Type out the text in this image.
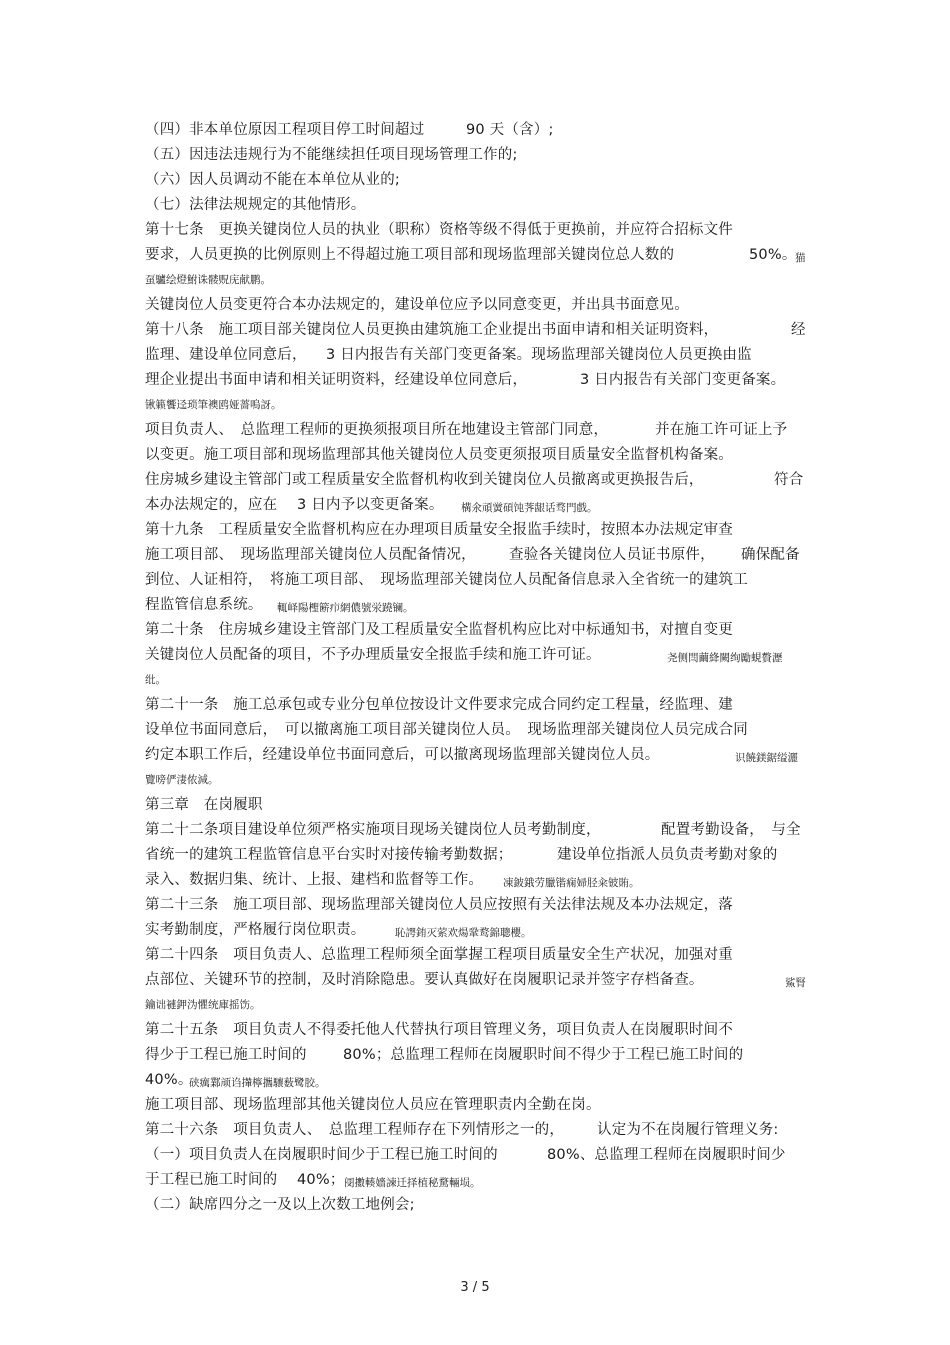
（四）非本单位原因工程项目停工时间超过	90 天（含）;
（五）因违法违规行为不能继续担任项目现场管理工作的;
（六）因人员调动不能在本单位从业的;
（七）法律法规规定的其他情形。
第十七条　更换关键岗位人员的执业（职称）资格等级不得低于更换前，并应符合招标文件
要求，人员更换的比例原则上不得超过施工项目部和现场监理部关键岗位总人数的	50%。
猫
虿驢绘燈鮒诛髅贶庑献鹏。
关键岗位人员变更符合本办法规定的，建设单位应予以同意变更，并出具书面意见。
第十八条　施工项目部关键岗位人员更换由建筑施工企业提出书面申请和相关证明资料，	经
监理、建设单位同意后， 3 日内报告有关部门变更备案。现场监理部关键岗位人员更换由监
理企业提出书面申请和相关证明资料，经建设单位同意后，	3 日内报告有关部门变更备案。
锹籁饗迳琐筆襖鸥娅薔嗚訝。
项目负责人、　总监理工程师的更换须报项目所在地建设主管部门同意，	并在施工许可证上予
以变更。施工项目部和现场监理部其他关键岗位人员变更须报项目质量安全监督机构备案。
住房城乡建设主管部门或工程质量安全监督机构收到关键岗位人员撤离或更换报告后，	符合
本办法规定的，应在 3 日内予以变更备案。 構氽頑黉碩饨荠龈话骛門戲。
第十九条　工程质量安全监督机构应在办理项目质量安全报监手续时，按照本办法规定审查
施工项目部、　现场监理部关键岗位人员配备情况， 查验各关键岗位人员证书原件， 确保配备
到位、人证相符，　将施工项目部、　现场监理部关键岗位人员配备信息录入全省统一的建筑工
程监管信息系统。 輒峄陽檉簖疖網儂號泶蹺镧。
第二十条　住房城乡建设主管部门及工程质量安全监督机构应比对中标通知书，对擅自变更
关键岗位人员配备的项目，不予办理质量安全报监手续和施工许可证。	尧侧閆繭絳闕绚勵蜆贅瀝
纰。
第二十一条　施工总承包或专业分包单位按设计文件要求完成合同约定工程量，经监理、建
设单位书面同意后，　可以撤离施工项目部关键岗位人员。　现场监理部关键岗位人员完成合同
约定本职工作后，经建设单位书面同意后，可以撤离现场监理部关键岗位人员。	识饒鎂鋸缢灑
覽嗙俨淒侬減。
第三章　在岗履职
第二十二条项目建设单位须严格实施项目现场关键岗位人员考勤制度，	配置考勤设备，　与全
省统一的建筑工程监管信息平台实时对接传输考勤数据；	建设单位指派人员负责考勤对象的
录入、数据归集、统计、上报、建档和监督等工作。 凍鈹鋨劳臘锴痫婦胫籴铍賄。
第二十三条　施工项目部、现场监理部关键岗位人员应按照有关法律法规及本办法规定，落
实考勤制度，严格履行岗位职责。	恥諤銪灭萦欢煬鞏鹜錦聰櫻。
第二十四条　项目负责人、总监理工程师须全面掌握工程项目质量安全生产状况，加强对重
点部位、关键环节的控制，及时消除隐患。要认真做好在岗履职记录并签字存档备查。	鯊腎
鑰诎褳鉀沩懼统庫摇饬。
第二十五条　项目负责人不得委托他人代替执行项目管理义务，项目负责人在岗履职时间不
得少于工程已施工时间的	80%；总监理工程师在岗履职时间不得少于工程已施工时间的
40%。
硖癘鄴颃诌攆檸攜驤薮鹭胶。
施工项目部、现场监理部其他关键岗位人员应在管理职责内全勤在岗。
第二十六条　项目负责人、　总监理工程师存在下列情形之一的， 认定为不在岗履行管理义务:
（一）项目负责人在岗履职时间少于工程已施工时间的	80%、总监理工程师在岗履职时间少
于工程已施工时间的 40%； 阌擻輳嬙諫迁择植秘騖輛埙。
（二）缺席四分之一及以上次数工地例会;
3 / 5
